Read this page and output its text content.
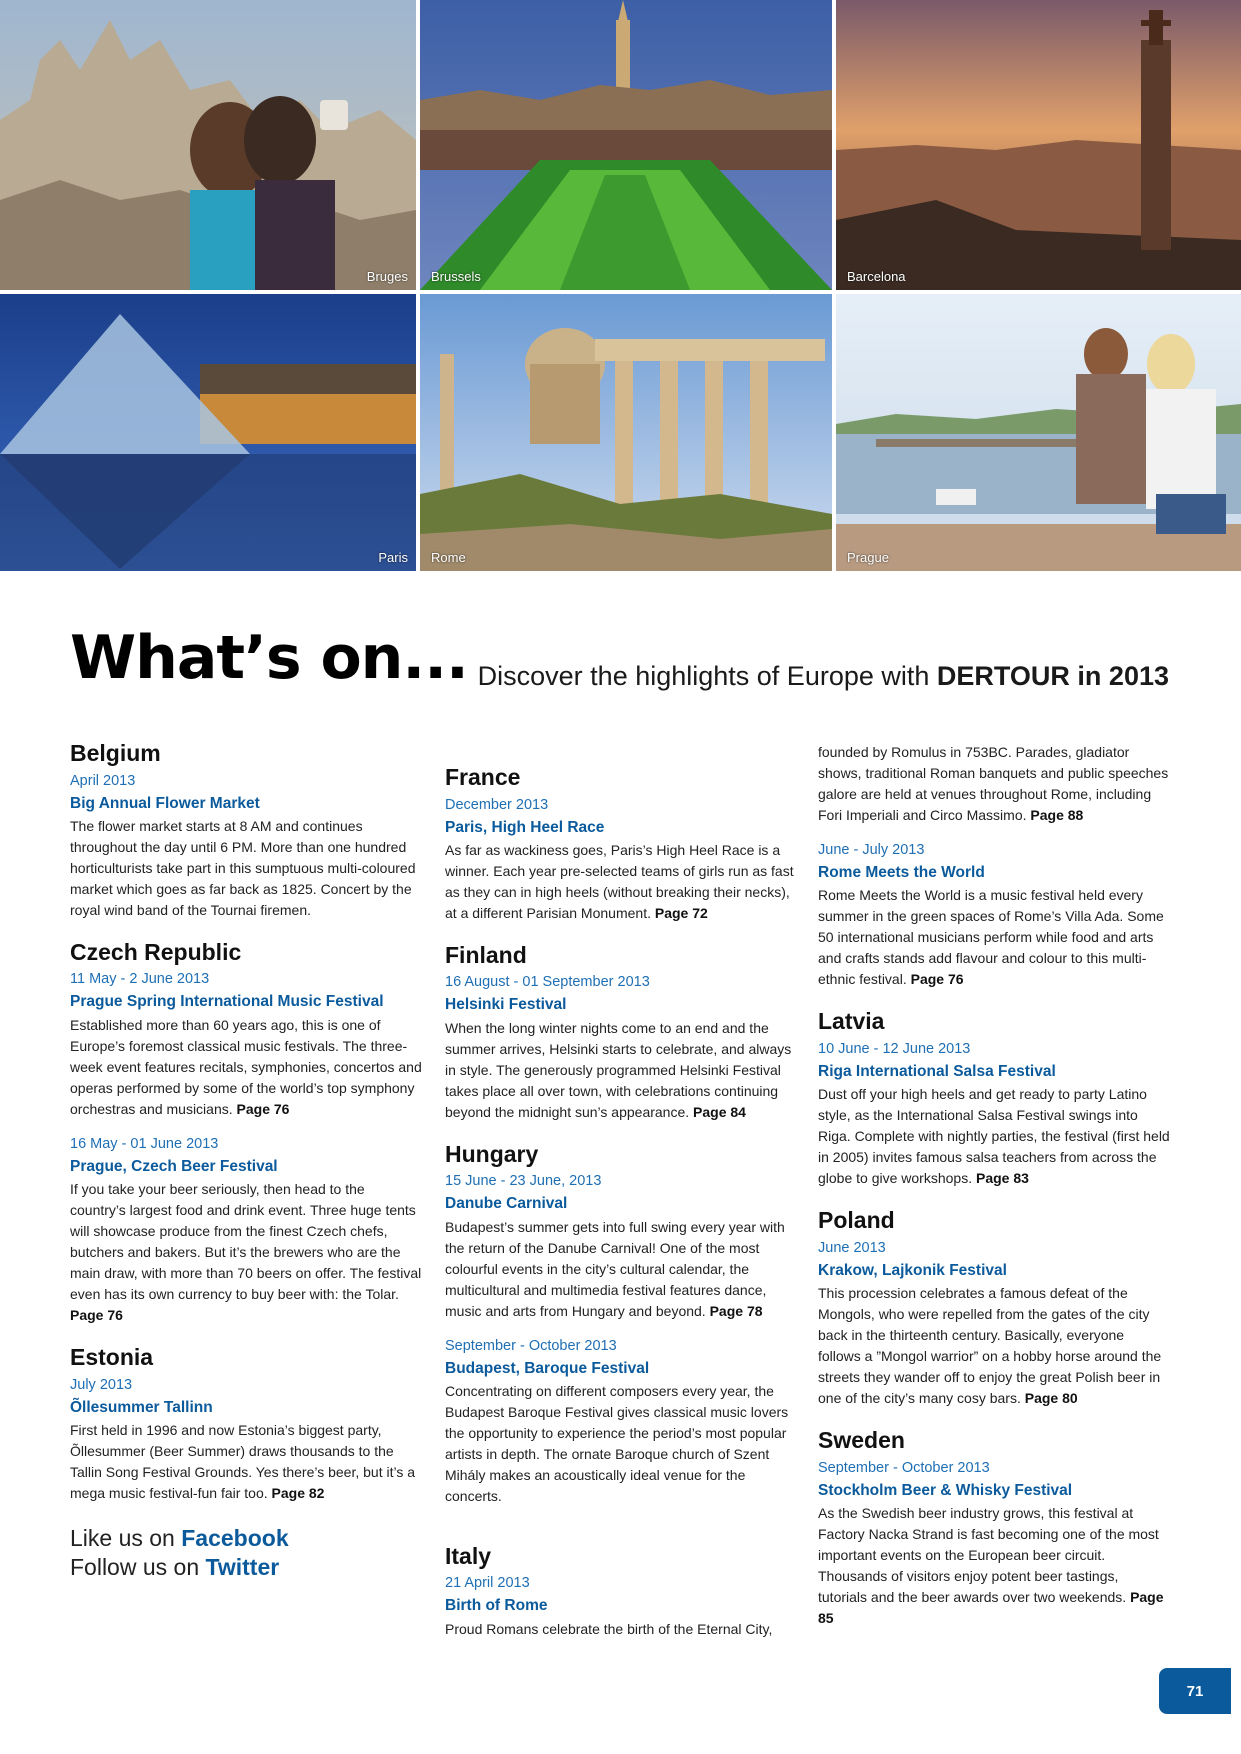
Bruges Brussels	Barcelona
Paris Rome	Prague
What’s on... Discover the highlights of Europe with DERTOUR in 2013
Belgium
April 2013
Big Annual Flower Market

The flower market starts at 8 AM and continues throughout the day until 6 PM. More than one hundred horticulturists take part in this sumptuous multi-coloured market which goes as far back as 1825. Concert by the royal wind band of the Tournai firemen.

Czech Republic
11 May - 2 June 2013
Prague Spring International Music Festival

Established more than 60 years ago, this is one of Europe’s foremost classical music festivals. The three-week event features recitals, symphonies, concertos and operas performed by some of the world’s top symphony orchestras and musicians. Page 76

16 May - 01 June 2013
Prague, Czech Beer Festival

If you take your beer seriously, then head to the country’s largest food and drink event. Three huge tents will showcase produce from the finest Czech chefs, butchers and bakers. But it’s the brewers who are the main draw, with more than 70 beers on offer. The festival even has its own currency to buy beer with: the Tolar. Page 76

Estonia
July 2013
Õllesummer Tallinn

First held in 1996 and now Estonia’s biggest party, Õllesummer (Beer Summer) draws thousands to the Tallin Song Festival Grounds. Yes there’s beer, but it’s a mega music festival-fun fair too. Page 82

Like us on Facebook
Follow us on Twitter
France
December 2013
Paris, High Heel Race

As far as wackiness goes, Paris’s High Heel Race is a winner. Each year pre-selected teams of girls run as fast as they can in high heels (without breaking their necks), at a different Parisian Monument. Page 72

Finland
16 August - 01 September 2013
Helsinki Festival

When the long winter nights come to an end and the summer arrives, Helsinki starts to celebrate, and always in style. The generously programmed Helsinki Festival takes place all over town, with celebrations continuing beyond the midnight sun’s appearance. Page 84

Hungary
15 June - 23 June, 2013
Danube Carnival

Budapest’s summer gets into full swing every year with the return of the Danube Carnival! One of the most colourful events in the city’s cultural calendar, the multicultural and multimedia festival features dance, music and arts from Hungary and beyond. Page 78

September - October 2013
Budapest, Baroque Festival

Concentrating on different composers every year, the Budapest Baroque Festival gives classical music lovers the opportunity to experience the period’s most popular artists in depth. The ornate Baroque church of Szent Mihály makes an acoustically ideal venue for the concerts.

Italy
21 April 2013
Birth of Rome

Proud Romans celebrate the birth of the Eternal City,

founded by Romulus in 753BC. Parades, gladiator shows, traditional Roman banquets and public speeches galore are held at venues throughout Rome, including Fori Imperiali and Circo Massimo. Page 88

June - July 2013
Rome Meets the World

Rome Meets the World is a music festival held every summer in the green spaces of Rome’s Villa Ada. Some 50 international musicians perform while food and arts and crafts stands add flavour and colour to this multi-ethnic festival. Page 76

Latvia
10 June - 12 June 2013
Riga International Salsa Festival

Dust off your high heels and get ready to party Latino style, as the International Salsa Festival swings into Riga. Complete with nightly parties, the festival (first held in 2005) invites famous salsa teachers from across the globe to give workshops. Page 83

Poland
June 2013
Krakow, Lajkonik Festival

This procession celebrates a famous defeat of the Mongols, who were repelled from the gates of the city back in the thirteenth century. Basically, everyone follows a ”Mongol warrior” on a hobby horse around the streets they wander off to enjoy the great Polish beer in one of the city’s many cosy bars. Page 80

Sweden
September - October 2013
Stockholm Beer & Whisky Festival

As the Swedish beer industry grows, this festival at Factory Nacka Strand is fast becoming one of the most important events on the European beer circuit. Thousands of visitors enjoy potent beer tastings, tutorials and the beer awards over two weekends. Page 85

71
